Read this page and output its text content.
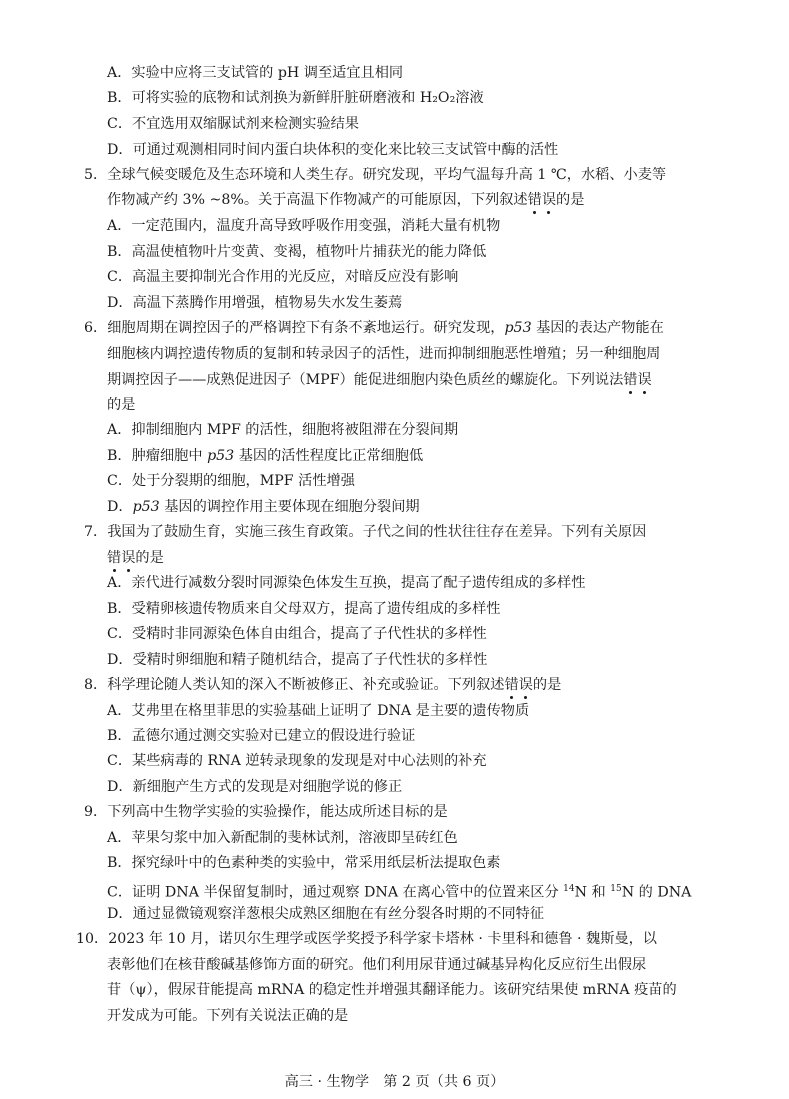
A．实验中应将三支试管的 pH 调至适宜且相同
B．可将实验的底物和试剂换为新鲜肝脏研磨液和 H₂O₂溶液
C．不宜选用双缩脲试剂来检测实验结果
D．可通过观测相同时间内蛋白块体积的变化来比较三支试管中酶的活性
5．全球气候变暖危及生态环境和人类生存。研究发现，平均气温每升高 1 ℃，水稻、小麦等
作物减产约 3% ~8%。关于高温下作物减产的可能原因，下列叙述错误的是
A．一定范围内，温度升高导致呼吸作用变强，消耗大量有机物
B．高温使植物叶片变黄、变褐，植物叶片捕获光的能力降低
C．高温主要抑制光合作用的光反应，对暗反应没有影响
D．高温下蒸腾作用增强，植物易失水发生萎蔫
6．细胞周期在调控因子的严格调控下有条不紊地运行。研究发现，p53 基因的表达产物能在
细胞核内调控遗传物质的复制和转录因子的活性，进而抑制细胞恶性增殖；另一种细胞周
期调控因子——成熟促进因子（MPF）能促进细胞内染色质丝的螺旋化。下列说法错误
的是
A．抑制细胞内 MPF 的活性，细胞将被阻滞在分裂间期
B．肿瘤细胞中 p53 基因的活性程度比正常细胞低
C．处于分裂期的细胞，MPF 活性增强
D．p53 基因的调控作用主要体现在细胞分裂间期
7．我国为了鼓励生育，实施三孩生育政策。子代之间的性状往往存在差异。下列有关原因
错误的是
A．亲代进行减数分裂时同源染色体发生互换，提高了配子遗传组成的多样性
B．受精卵核遗传物质来自父母双方，提高了遗传组成的多样性
C．受精时非同源染色体自由组合，提高了子代性状的多样性
D．受精时卵细胞和精子随机结合，提高了子代性状的多样性
8．科学理论随人类认知的深入不断被修正、补充或验证。下列叙述错误的是
A．艾弗里在格里菲思的实验基础上证明了 DNA 是主要的遗传物质
B．孟德尔通过测交实验对已建立的假设进行验证
C．某些病毒的 RNA 逆转录现象的发现是对中心法则的补充
D．新细胞产生方式的发现是对细胞学说的修正
9．下列高中生物学实验的实验操作，能达成所述目标的是
A．苹果匀浆中加入新配制的斐林试剂，溶液即呈砖红色
B．探究绿叶中的色素种类的实验中，常采用纸层析法提取色素
C．证明 DNA 半保留复制时，通过观察 DNA 在离心管中的位置来区分 $^{14}$N 和 $^{15}$N 的 DNA
D．通过显微镜观察洋葱根尖成熟区细胞在有丝分裂各时期的不同特征
10．2023 年 10 月，诺贝尔生理学或医学奖授予科学家卡塔林 · 卡里科和德鲁 · 魏斯曼，以
表彰他们在核苷酸碱基修饰方面的研究。他们利用尿苷通过碱基异构化反应衍生出假尿
苷（ψ），假尿苷能提高 mRNA 的稳定性并增强其翻译能力。该研究结果使 mRNA 疫苗的
开发成为可能。下列有关说法正确的是
高三 · 生物学　第 2 页（共 6 页）
